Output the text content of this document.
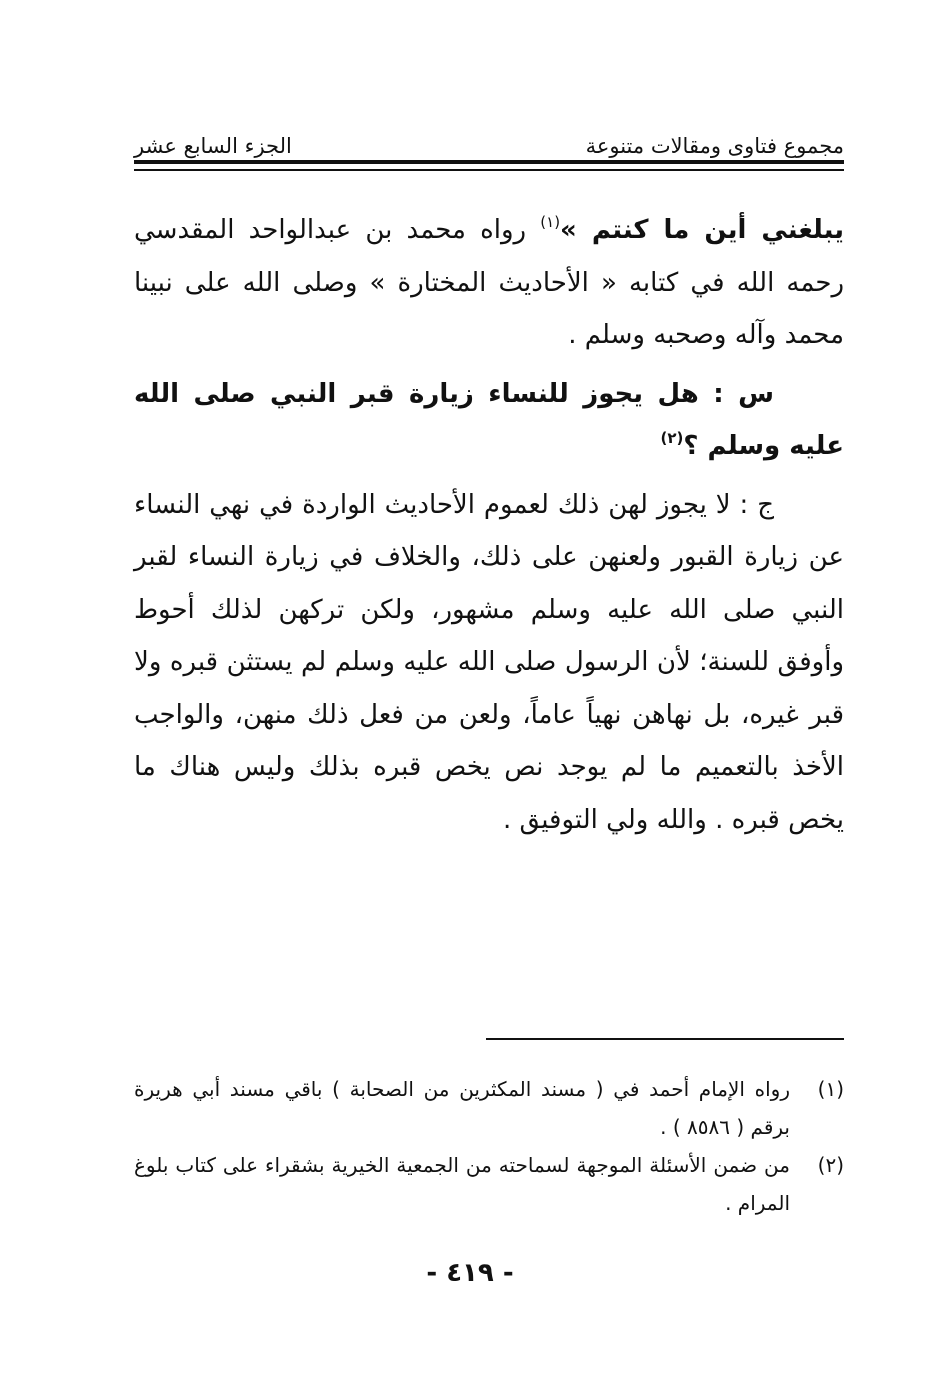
مجموع فتاوى ومقالات متنوعة
الجزء السابع عشر

يبلغني أين ما كنتم »$^{(١)}$ رواه محمد بن عبدالواحد المقدسي رحمه الله في كتابه « الأحاديث المختارة » وصلى الله على نبينا محمد وآله وصحبه وسلم .

س : هل يجوز للنساء زيارة قبر النبي صلى الله عليه وسلم ؟$^{(٢)}$

ج : لا يجوز لهن ذلك لعموم الأحاديث الواردة في نهي النساء عن زيارة القبور ولعنهن على ذلك، والخلاف في زيارة النساء لقبر النبي صلى الله عليه وسلم مشهور، ولكن تركهن لذلك أحوط وأوفق للسنة؛ لأن الرسول صلى الله عليه وسلم لم يستثن قبره ولا قبر غيره، بل نهاهن نهياً عاماً، ولعن من فعل ذلك منهن، والواجب الأخذ بالتعميم ما لم يوجد نص يخص قبره بذلك وليس هناك ما يخص قبره . والله ولي التوفيق .

(١)
رواه الإمام أحمد في ( مسند المكثرين من الصحابة ) باقي مسند أبي هريرة برقم ( ٨٥٨٦ ) .
(٢)
من ضمن الأسئلة الموجهة لسماحته من الجمعية الخيرية بشقراء على كتاب بلوغ المرام .
- ٤١٩ -
